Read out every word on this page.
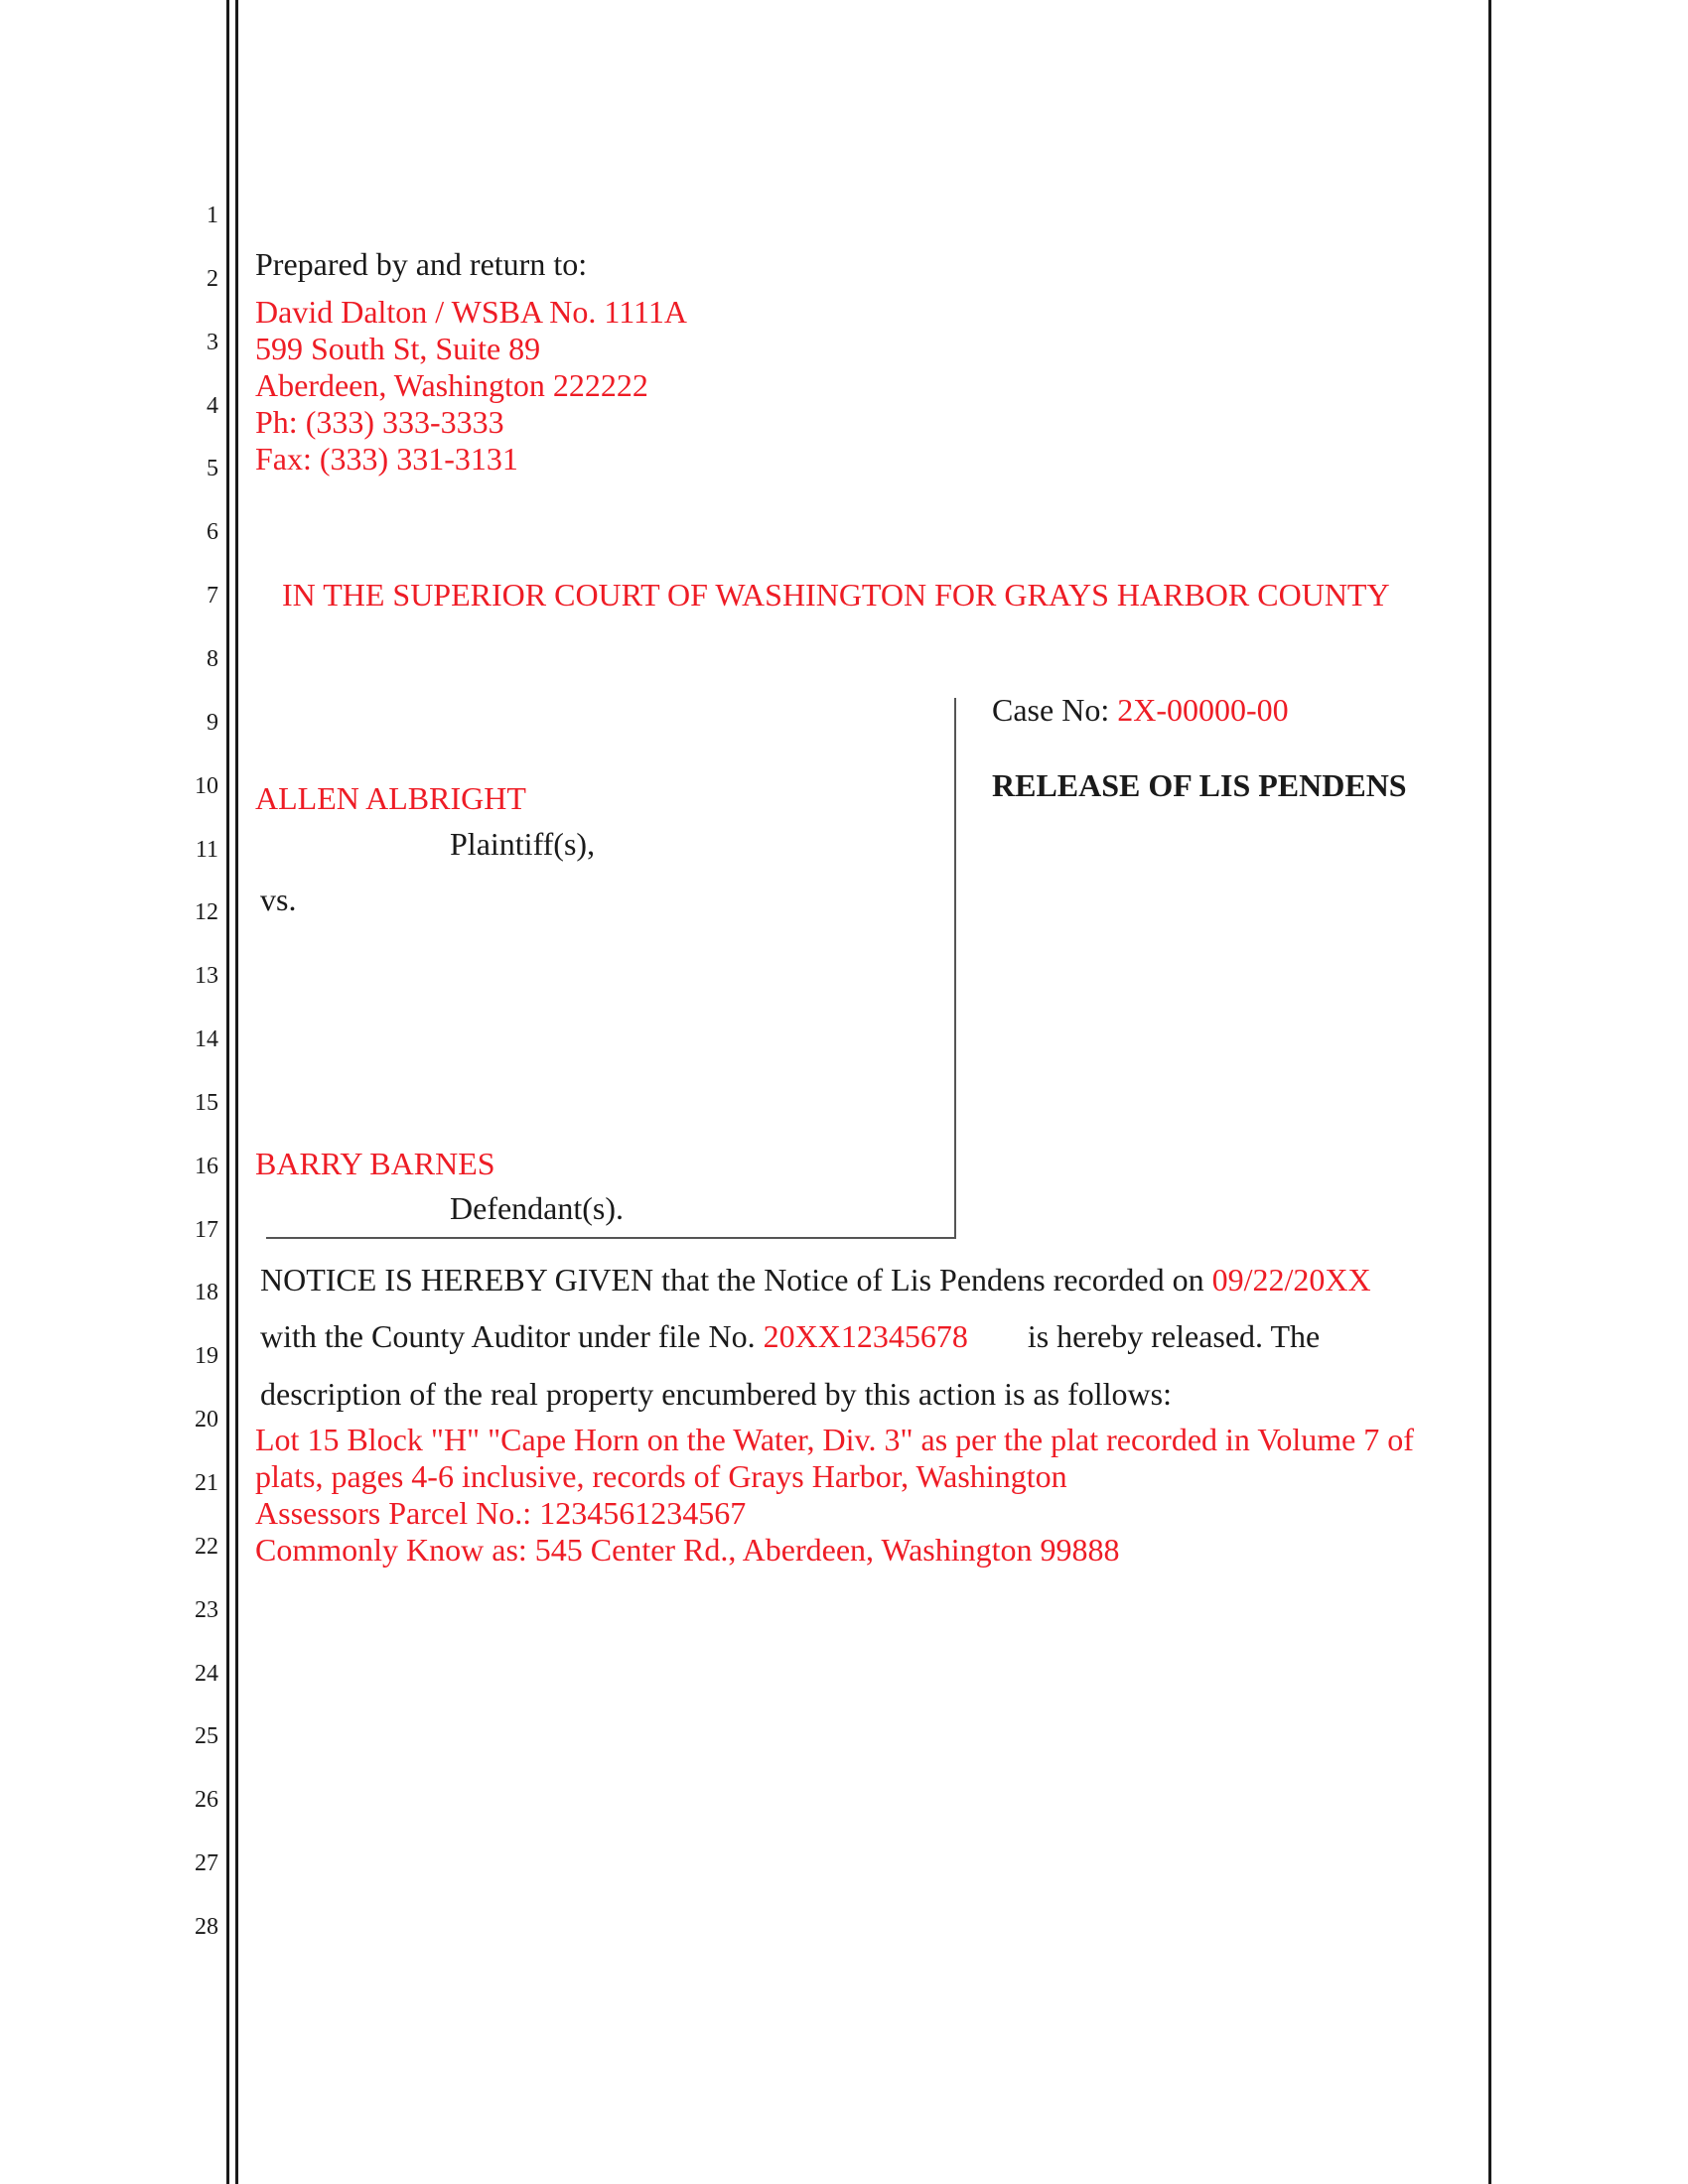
1
2
3
4
5
6
7
8
9
10
11
12
13
14
15
16
17
18
19
20
21
22
23
24
25
26
27
28
Prepared by and return to:
David Dalton / WSBA No. 1111A
599 South St, Suite 89
Aberdeen, Washington 222222
Ph: (333) 333-3333
Fax: (333) 331-3131
IN THE SUPERIOR COURT OF WASHINGTON FOR GRAYS HARBOR COUNTY
ALLEN ALBRIGHT
Plaintiff(s),
vs.
BARRY BARNES
Defendant(s).
Case No: 2X-00000-00
RELEASE OF LIS PENDENS
NOTICE IS HEREBY GIVEN that the Notice of Lis Pendens recorded on 09/22/20XX
with the County Auditor under file No. 20XX12345678 is hereby released. The
description of the real property encumbered by this action is as follows:
Lot 15 Block "H" "Cape Horn on the Water, Div. 3" as per the plat recorded in Volume 7 of
plats, pages 4-6 inclusive, records of Grays Harbor, Washington
Assessors Parcel No.: 1234561234567
Commonly Know as: 545 Center Rd., Aberdeen, Washington 99888
